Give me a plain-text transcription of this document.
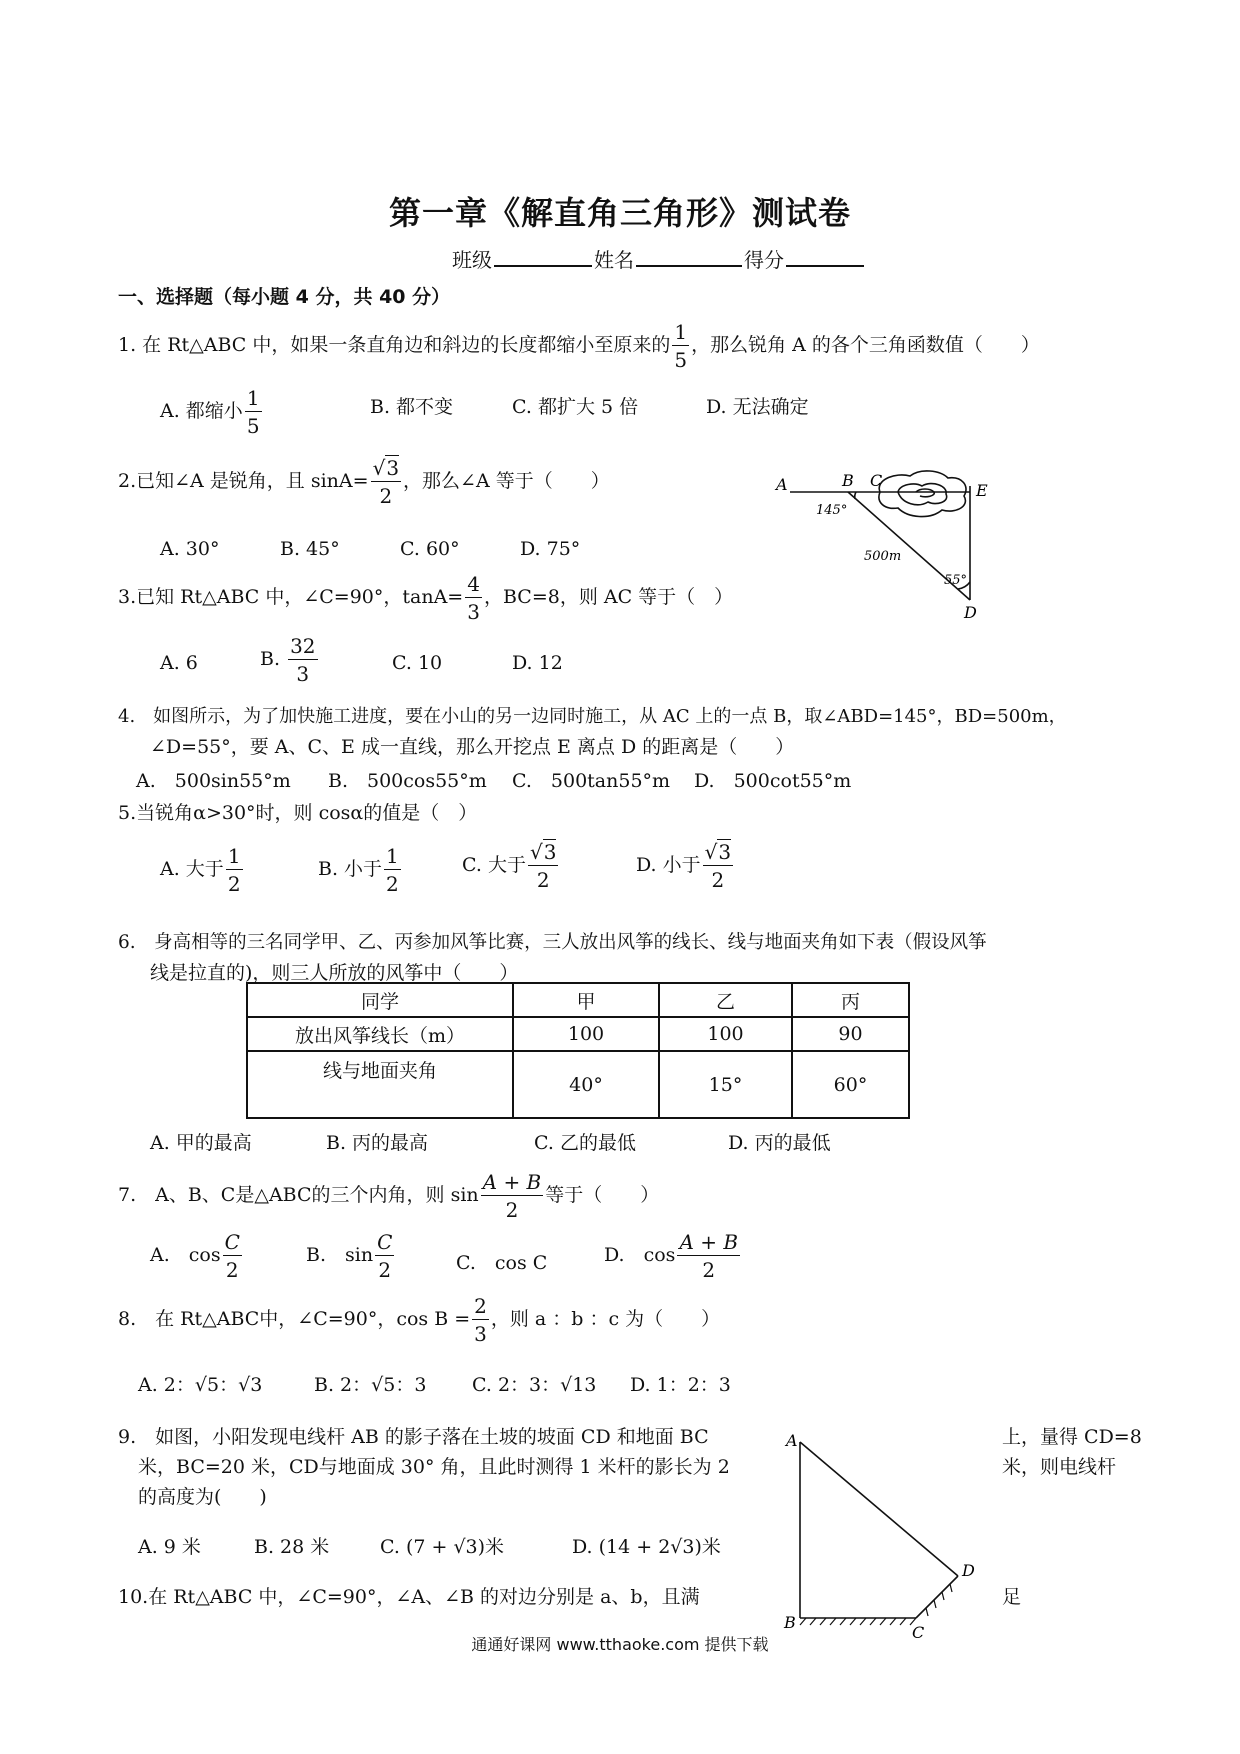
第一章《解直角三角形》测试卷
班级	姓名	得分
一、选择题（每小题 4 分，共 40 分）
1. 在 Rt△ABC 中，如果一条直角边和斜边的长度都缩小至原来的 $\frac{1}{5}$ ，那么锐角 A 的各个三角函数值（　　）
A. 都缩小 $\frac{1}{5}$	B. 都不变	C. 都扩大 5 倍	D. 无法确定
2.已知∠A 是锐角，且 $\sin A= \frac{√3}{2}$ ，那么∠A 等于（　　）
A. 30°	B. 45°	C. 60°	D. 75°
3.已知 Rt△ABC 中，∠C=90°，$\tan A= \frac{4}{3}$ ，BC=8，则 AC 等于（　）
A. 6	B. $\frac{32}{3}$	C. 10	D. 12
4.　如图所示，为了加快施工进度，要在小山的另一边同时施工，从 AC 上的一点 B，取∠ABD=145°，BD=500m，
∠D=55°，要 A、C、E 成一直线，那么开挖点 E 离点 D 的距离是（　　）
A.　500sin55°m B.　500cos55°m C.　500tan55°m D.　500cot55°m
5.当锐角α>30°时，则 cosα的值是（　）
A. 大于 $\frac{1}{2}$	B. 小于 $\frac{1}{2}$	C. 大于 $\frac{√3}{2}$	D. 小于 $\frac{√3}{2}$
6.　身高相等的三名同学甲、乙、丙参加风筝比赛，三人放出风筝的线长、线与地面夹角如下表（假设风筝
线是拉直的)，则三人所放的风筝中（　　）
同学	甲	乙	丙
放出风筝线长（m）	100	100	90
线与地面夹角	40°	15°	60°
A. 甲的最高	B. 丙的最高	C. 乙的最低	D. 丙的最低
7.　A、B、C是△ABC的三个内角，则 $\sin \frac{A + B}{2}$ 等于（　　）
A.　$\cos \frac{C}{2}$	B.　$\sin \frac{C}{2}$	C.　cos C	D.　$\cos \frac{A + B}{2}$
8.　在 Rt△ABC中，∠C=90°，$\cos B = \frac{2}{3}$ ，则 a ：b ：c 为（　　）
A. 2：√5：√3	B. 2：√5：3 C. 2：3：√13 D. 1：2：3
9.　如图，小阳发现电线杆 AB 的影子落在土坡的坡面 CD 和地面 BC	上，量得 CD=8
米，BC=20 米，CD与地面成 30° 角，且此时测得 1 米杆的影长为 2	米，则电线杆
的高度为(　　)
A. 9 米	B. 28 米	C. (7 + √3)米	D. (14 + 2√3)米
10.在 Rt△ABC 中，∠C=90°，∠A、∠B 的对边分别是 a、b，且满	足
A	B C
E
D
145°
500m
55°
A
B
C
D
通通好课网 www.tthaoke.com 提供下载
